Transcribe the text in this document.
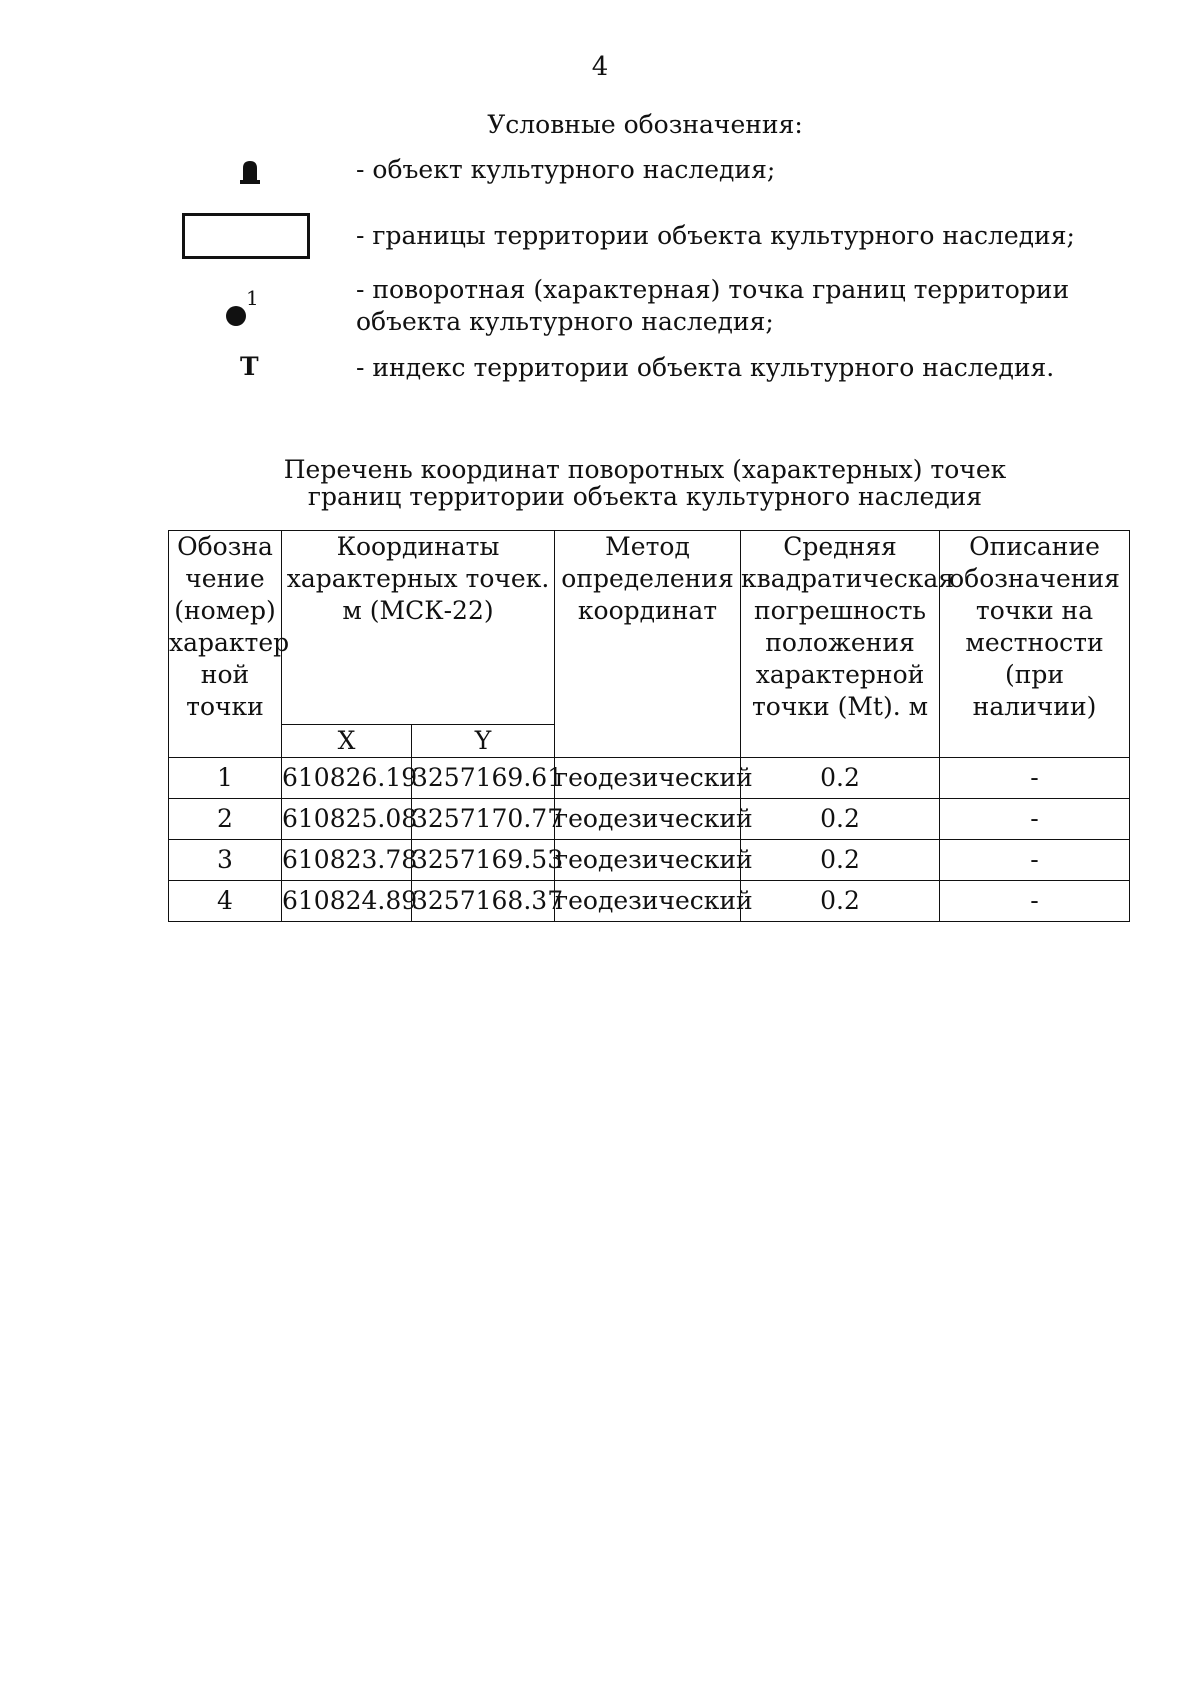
4
Условные обозначения:
- объект культурного наследия;
- границы территории объекта культурного наследия;
1	- поворотная (характерная) точка границ территории объекта культурного наследия;
Т	- индекс территории объекта культурного наследия.
Перечень координат поворотных (характерных) точек
границ территории объекта культурного наследия
Обозна чение (номер) характер ной точки	Координаты характерных точек. м (МСК-22)		Метод определения координат	Средняя квадратическая погрешность положения характерной точки (Mt). м	Описание обозначения точки на местности (при наличии)
	X	Y			
1	610826.19	3257169.61	геодезический	0.2	-
2	610825.08	3257170.77	геодезический	0.2	-
3	610823.78	3257169.53	геодезический	0.2	-
4	610824.89	3257168.37	геодезический	0.2	-
